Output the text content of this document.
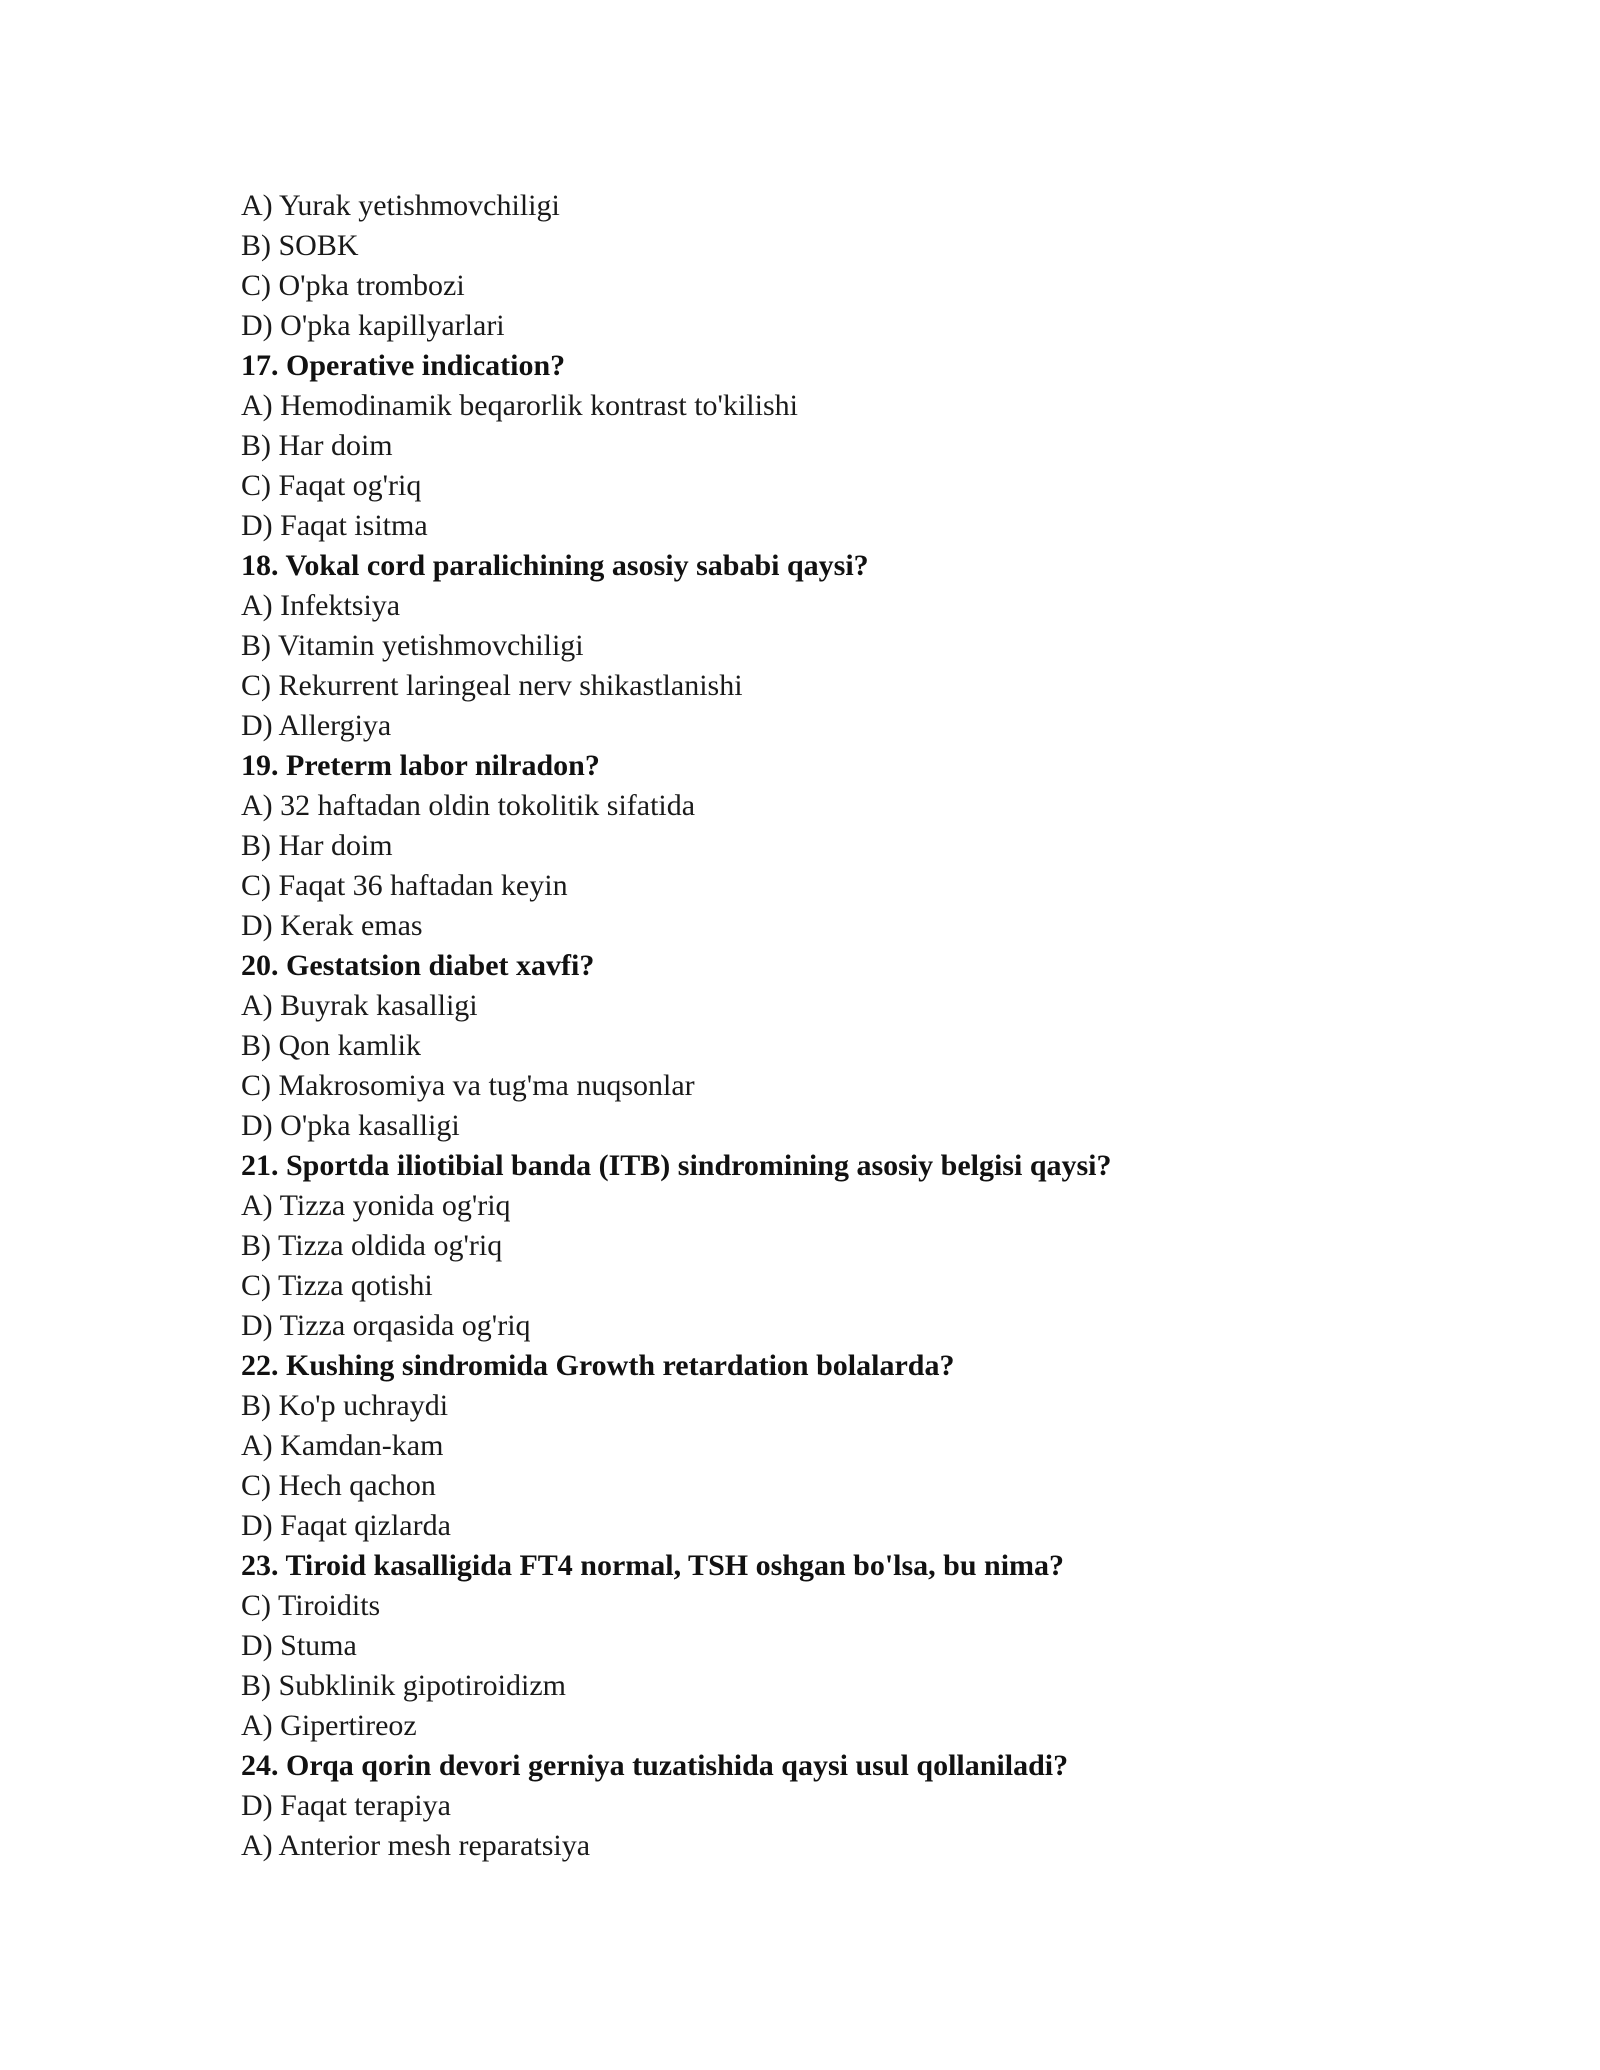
A) Yurak yetishmovchiligi
B) SOBK
C) O'pka trombozi
D) O'pka kapillyarlari
17. Operative indication?
A) Hemodinamik beqarorlik kontrast to'kilishi
B) Har doim
C) Faqat og'riq
D) Faqat isitma
18. Vokal cord paralichining asosiy sababi qaysi?
A) Infektsiya
B) Vitamin yetishmovchiligi
C) Rekurrent laringeal nerv shikastlanishi
D) Allergiya
19. Preterm labor nilradon?
A) 32 haftadan oldin tokolitik sifatida
B) Har doim
C) Faqat 36 haftadan keyin
D) Kerak emas
20. Gestatsion diabet xavfi?
A) Buyrak kasalligi
B) Qon kamlik
C) Makrosomiya va tug'ma nuqsonlar
D) O'pka kasalligi
21. Sportda iliotibial banda (ITB) sindromining asosiy belgisi qaysi?
A) Tizza yonida og'riq
B) Tizza oldida og'riq
C) Tizza qotishi
D) Tizza orqasida og'riq
22. Kushing sindromida Growth retardation bolalarda?
B) Ko'p uchraydi
A) Kamdan-kam
C) Hech qachon
D) Faqat qizlarda
23. Tiroid kasalligida FT4 normal, TSH oshgan bo'lsa, bu nima?
C) Tiroidits
D) Stuma
B) Subklinik gipotiroidizm
A) Gipertireoz
24. Orqa qorin devori gerniya tuzatishida qaysi usul qollaniladi?
D) Faqat terapiya
A) Anterior mesh reparatsiya
